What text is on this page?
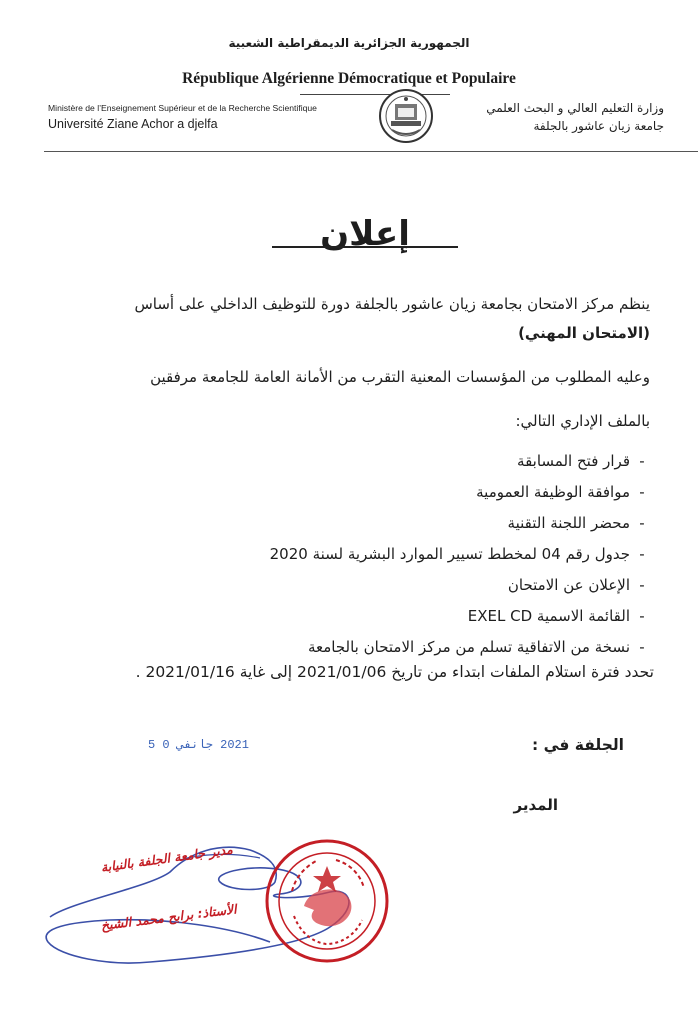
الجمهورية الجزائرية الديمقراطية الشعبية
République Algérienne Démocratique et Populaire
Ministère de l’Enseignement Supérieur et de la Recherche Scientifique
Université Ziane Achor a djelfa
وزارة التعليم العالي و البحث العلمي
جامعة زيان عاشور بالجلفة
إعلان
ينظم مركز الامتحان بجامعة زيان عاشور بالجلفة دورة للتوظيف الداخلي على أساس
(الامتحان المهني)
وعليه المطلوب من المؤسسات المعنية التقرب من الأمانة العامة للجامعة مرفقين
بالملف الإداري التالي:
-قرار فتح المسابقة
-موافقة الوظيفة العمومية
-محضر اللجنة التقنية
-جدول رقم 04 لمخطط تسيير الموارد البشرية لسنة 2020
-الإعلان عن الامتحان
-القائمة الاسمية EXEL CD
-نسخة من الاتفاقية تسلم من مركز الامتحان بالجامعة
تحدد فترة استلام الملفات ابتداء من تاريخ 2021/01/06 إلى غاية 2021/01/16 .
الجلفة في :
2021 جانفي 0 5
المدير
مدير جامعة الجلفة بالنيابة
الأستاذ: برابح محمد الشيخ
